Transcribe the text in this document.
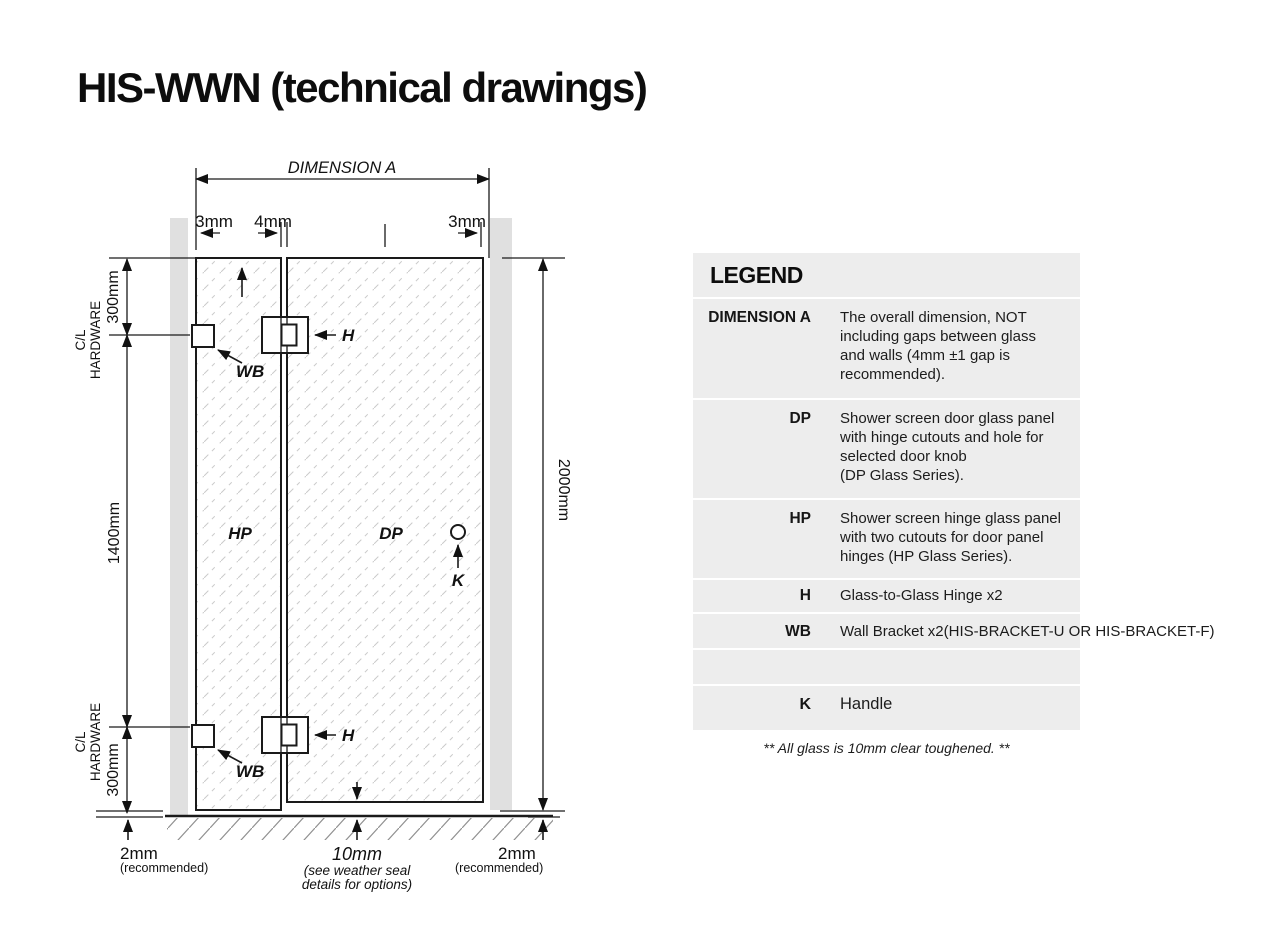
HIS-WWN (technical drawings)
DIMENSION A
3mm 4mm	3mm
C/L HARDWARE
300mm
1400mm
C/L HARDWARE 300mm
2000mm
HP	DP
K
H
H
WB
WB
2mm
(recommended)
10mm
(see weather seal
details for options)
2mm
(recommended)
LEGEND
DIMENSION A The overall dimension, NOT
including gaps between glass
and walls (4mm ±1 gap is
recommended).
DP Shower screen door glass panel
with hinge cutouts and hole for
selected door knob
(DP Glass Series).
HP Shower screen hinge glass panel
with two cutouts for door panel
hinges (HP Glass Series).
H Glass-to-Glass Hinge x2
WB Wall Bracket x2(HIS-BRACKET-U OR HIS-BRACKET-F)
K Handle
** All glass is 10mm clear toughened. **
